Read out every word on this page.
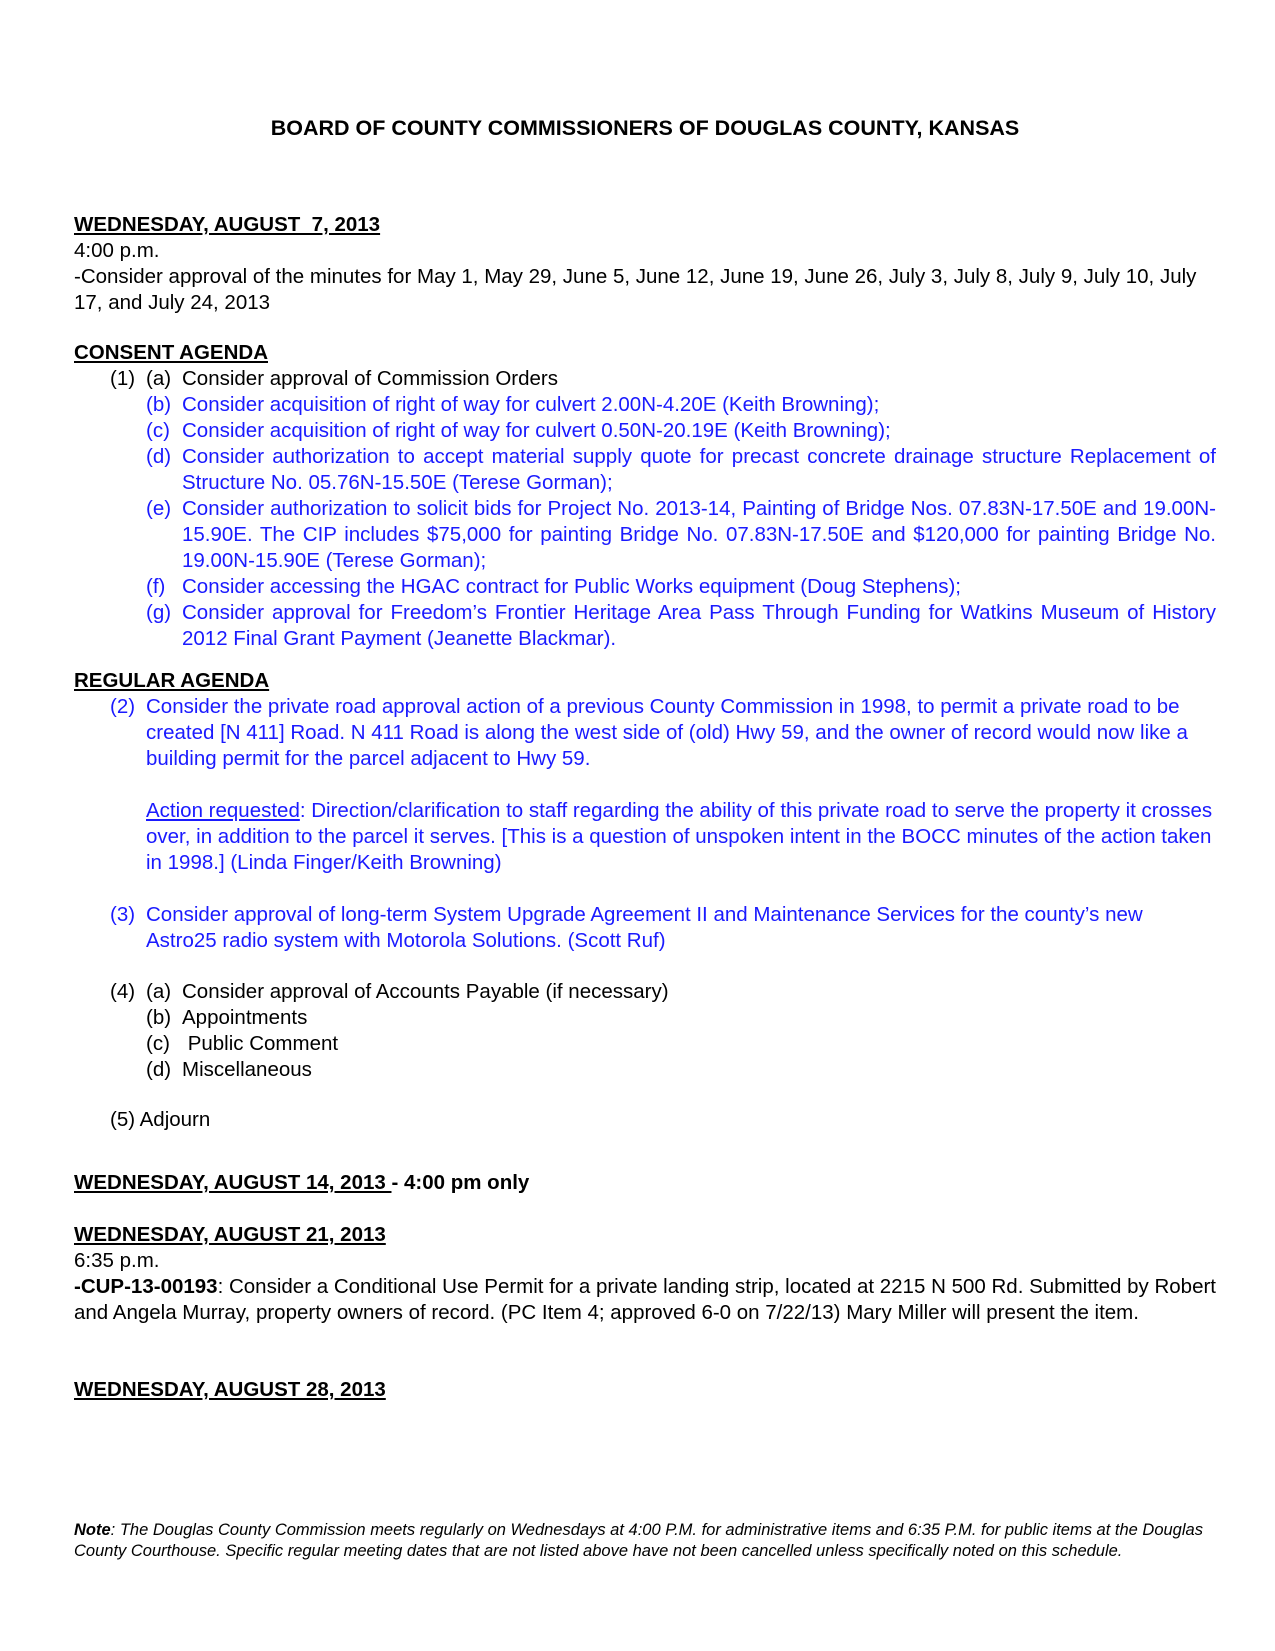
BOARD OF COUNTY COMMISSIONERS OF DOUGLAS COUNTY, KANSAS
WEDNESDAY, AUGUST  7, 2013
4:00 p.m.
-Consider approval of the minutes for May 1, May 29, June 5, June 12, June 19, June 26, July 3, July 8, July 9, July 10, July 17, and July 24, 2013
CONSENT AGENDA
(1) (a) Consider approval of Commission Orders
(b) Consider acquisition of right of way for culvert 2.00N-4.20E (Keith Browning);
(c) Consider acquisition of right of way for culvert 0.50N-20.19E (Keith Browning);
(d) Consider authorization to accept material supply quote for precast concrete drainage structure Replacement of Structure No. 05.76N-15.50E (Terese Gorman);
(e) Consider authorization to solicit bids for Project No. 2013-14, Painting of Bridge Nos. 07.83N-17.50E and 19.00N-15.90E. The CIP includes $75,000 for painting Bridge No. 07.83N-17.50E and $120,000 for painting Bridge No. 19.00N-15.90E (Terese Gorman);
(f) Consider accessing the HGAC contract for Public Works equipment (Doug Stephens);
(g) Consider approval for Freedom’s Frontier Heritage Area Pass Through Funding for Watkins Museum of History 2012 Final Grant Payment (Jeanette Blackmar).
REGULAR AGENDA
(2) Consider the private road approval action of a previous County Commission in 1998, to permit a private road to be created [N 411] Road. N 411 Road is along the west side of (old) Hwy 59, and the owner of record would now like a building permit for the parcel adjacent to Hwy 59.
Action requested: Direction/clarification to staff regarding the ability of this private road to serve the property it crosses over, in addition to the parcel it serves. [This is a question of unspoken intent in the BOCC minutes of the action taken in 1998.] (Linda Finger/Keith Browning)
(3) Consider approval of long-term System Upgrade Agreement II and Maintenance Services for the county’s new Astro25 radio system with Motorola Solutions. (Scott Ruf)
(4) (a) Consider approval of Accounts Payable (if necessary)
(b) Appointments
(c) Public Comment
(d) Miscellaneous
(5) Adjourn
WEDNESDAY, AUGUST 14, 2013 - 4:00 pm only
WEDNESDAY, AUGUST 21, 2013
6:35 p.m.
-CUP-13-00193: Consider a Conditional Use Permit for a private landing strip, located at 2215 N 500 Rd. Submitted by Robert and Angela Murray, property owners of record. (PC Item 4; approved 6-0 on 7/22/13) Mary Miller will present the item.
WEDNESDAY, AUGUST 28, 2013
Note: The Douglas County Commission meets regularly on Wednesdays at 4:00 P.M. for administrative items and 6:35 P.M. for public items at the Douglas County Courthouse. Specific regular meeting dates that are not listed above have not been cancelled unless specifically noted on this schedule.
